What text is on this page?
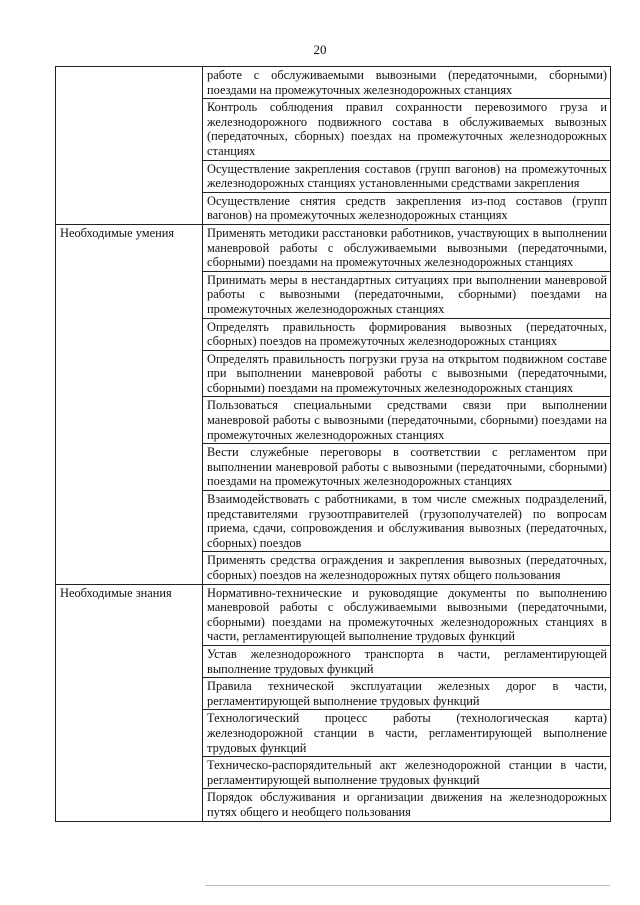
20
	работе с обслуживаемыми вывозными (передаточными, сборными) поездами на промежуточных железнодорожных станциях
	Контроль соблюдения правил сохранности перевозимого груза и железнодорожного подвижного состава в обслуживаемых вывозных (передаточных, сборных) поездах на промежуточных железнодорожных станциях
	Осуществление закрепления составов (групп вагонов) на промежуточных железнодорожных станциях установленными средствами закрепления
	Осуществление снятия средств закрепления из-под составов (групп вагонов) на промежуточных железнодорожных станциях
Необходимые умения	Применять методики расстановки работников, участвующих в выполнении маневровой работы с обслуживаемыми вывозными (передаточными, сборными) поездами на промежуточных железнодорожных станциях
	Принимать меры в нестандартных ситуациях при выполнении маневровой работы с вывозными (передаточными, сборными) поездами на промежуточных железнодорожных станциях
	Определять правильность формирования вывозных (передаточных, сборных) поездов на промежуточных железнодорожных станциях
	Определять правильность погрузки груза на открытом подвижном составе при выполнении маневровой работы с вывозными (передаточными, сборными) поездами на промежуточных железнодорожных станциях
	Пользоваться специальными средствами связи при выполнении маневровой работы с вывозными (передаточными, сборными) поездами на промежуточных железнодорожных станциях
	Вести служебные переговоры в соответствии с регламентом при выполнении маневровой работы с вывозными (передаточными, сборными) поездами на промежуточных железнодорожных станциях
	Взаимодействовать с работниками, в том числе смежных подразделений, представителями грузоотправителей (грузополучателей) по вопросам приема, сдачи, сопровождения и обслуживания вывозных (передаточных, сборных) поездов
	Применять средства ограждения и закрепления вывозных (передаточных, сборных) поездов на железнодорожных путях общего пользования
Необходимые знания	Нормативно-технические и руководящие документы по выполнению маневровой работы с обслуживаемыми вывозными (передаточными, сборными) поездами на промежуточных железнодорожных станциях в части, регламентирующей выполнение трудовых функций
	Устав железнодорожного транспорта в части, регламентирующей выполнение трудовых функций
	Правила технической эксплуатации железных дорог в части, регламентирующей выполнение трудовых функций
	Технологический процесс работы (технологическая карта) железнодорожной станции в части, регламентирующей выполнение трудовых функций
	Техническо-распорядительный акт железнодорожной станции в части, регламентирующей выполнение трудовых функций
	Порядок обслуживания и организации движения на железнодорожных путях общего и необщего пользования
